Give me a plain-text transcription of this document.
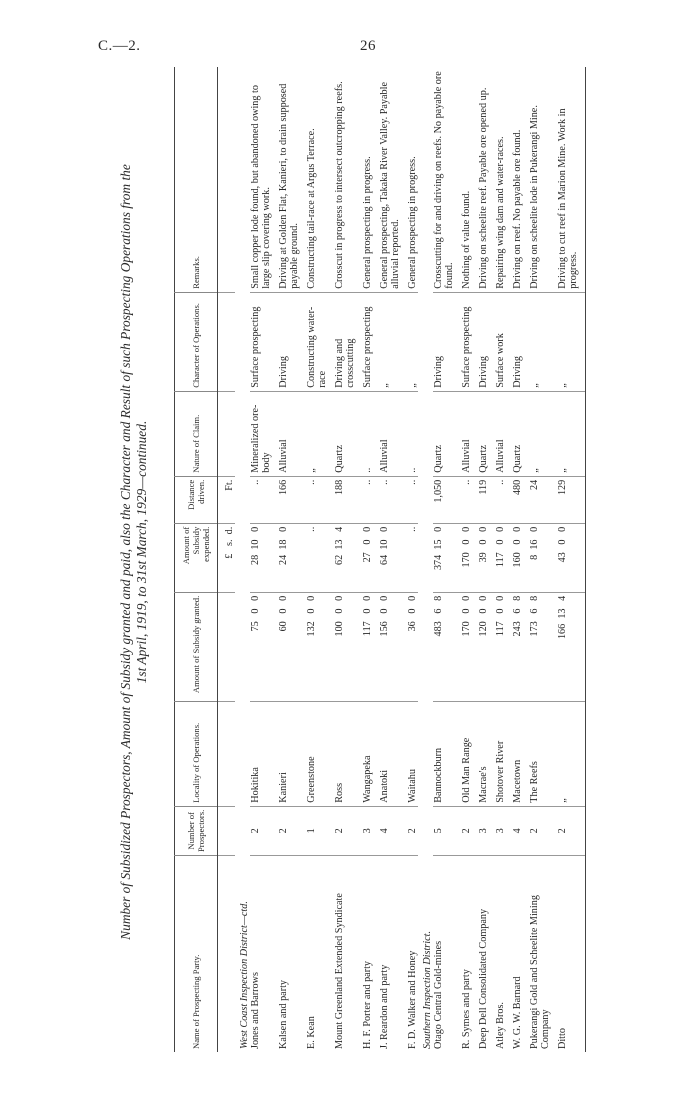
C.—2.	26
Number of Subsidized Prospectors, Amount of Subsidy granted and paid, also the Character and Result of such Prospecting Operations from the 1st April, 1919, to 31st March, 1929—continued.
Name of Prospecting Party.	Number of Prospectors.	Locality of Operations.	Amount of Subsidy granted.	Amount of Subsidy expended.	Distance driven.	Nature of Claim.	Character of Operations.	Remarks.
				£   s.  d.	Ft.			
West Coast Inspection District—ctd.								
Jones and Barrows	2	Hokitika	75   0   0	28  10   0	..	Mineralized ore-body	Surface prospecting	Small copper lode found, but abandoned owing to large slip covering work.
Kalsen and party	2	Kanieri	60   0   0	24  18   0	166	Alluvial	Driving	Driving at Golden Flat, Kanieri, to drain supposed payable ground.
E. Kean	1	Greenstone	132   0   0	..	..	„	Constructing water-race	Constructing tail-race at Argus Terrace.
Mount Greenland Extended Syndicate	2	Ross	100   0   0	62  13   4	188	Quartz	Driving and crosscutting	Crosscut in progress to intersect outcropping reefs.
H. F. Porter and party	3	Wangapeka	117   0   0	27   0   0	..	..	Surface prospecting	General prospecting in progress.
J. Reardon and party	4	Anatoki	156   0   0	64  10   0	..	Alluvial	„	General prospecting, Takaka River Valley. Payable alluvial reported.
F. D. Walker and Honey	2	Waitahu	36   0   0	..	..	..	„	General prospecting in progress.
Southern Inspection District.								
Otago Central Gold-mines	5	Bannockburn	483   6   8	374  15   0	1,050	Quartz	Driving	Crosscutting for and driving on reefs. No payable ore found.
R. Symes and party	2	Old Man Range	170   0   0	170   0   0	..	Alluvial	Surface prospecting	Nothing of value found.
Deep Dell Consolidated Company	3	Macrae's	120   0   0	39   0   0	119	Quartz	Driving	Driving on scheelite reef. Payable ore opened up.
Atley Bros.	3	Shotover River	117   0   0	117   0   0	..	Alluvial	Surface work	Repairing wing dam and water-races.
W. G. W. Barnard	4	Macetown	243   6   8	160   0   0	480	Quartz	Driving	Driving on reef. No payable ore found.
Pukerangi Gold and Scheelite Mining Company	2	The Reefs	173   6   8	8  16   0	24	„	„	Driving on scheelite lode in Pukerangi Mine.
Ditto	2	„	166  13   4	43   0   0	129	„	„	Driving to cut reef in Marion Mine. Work in progress.
